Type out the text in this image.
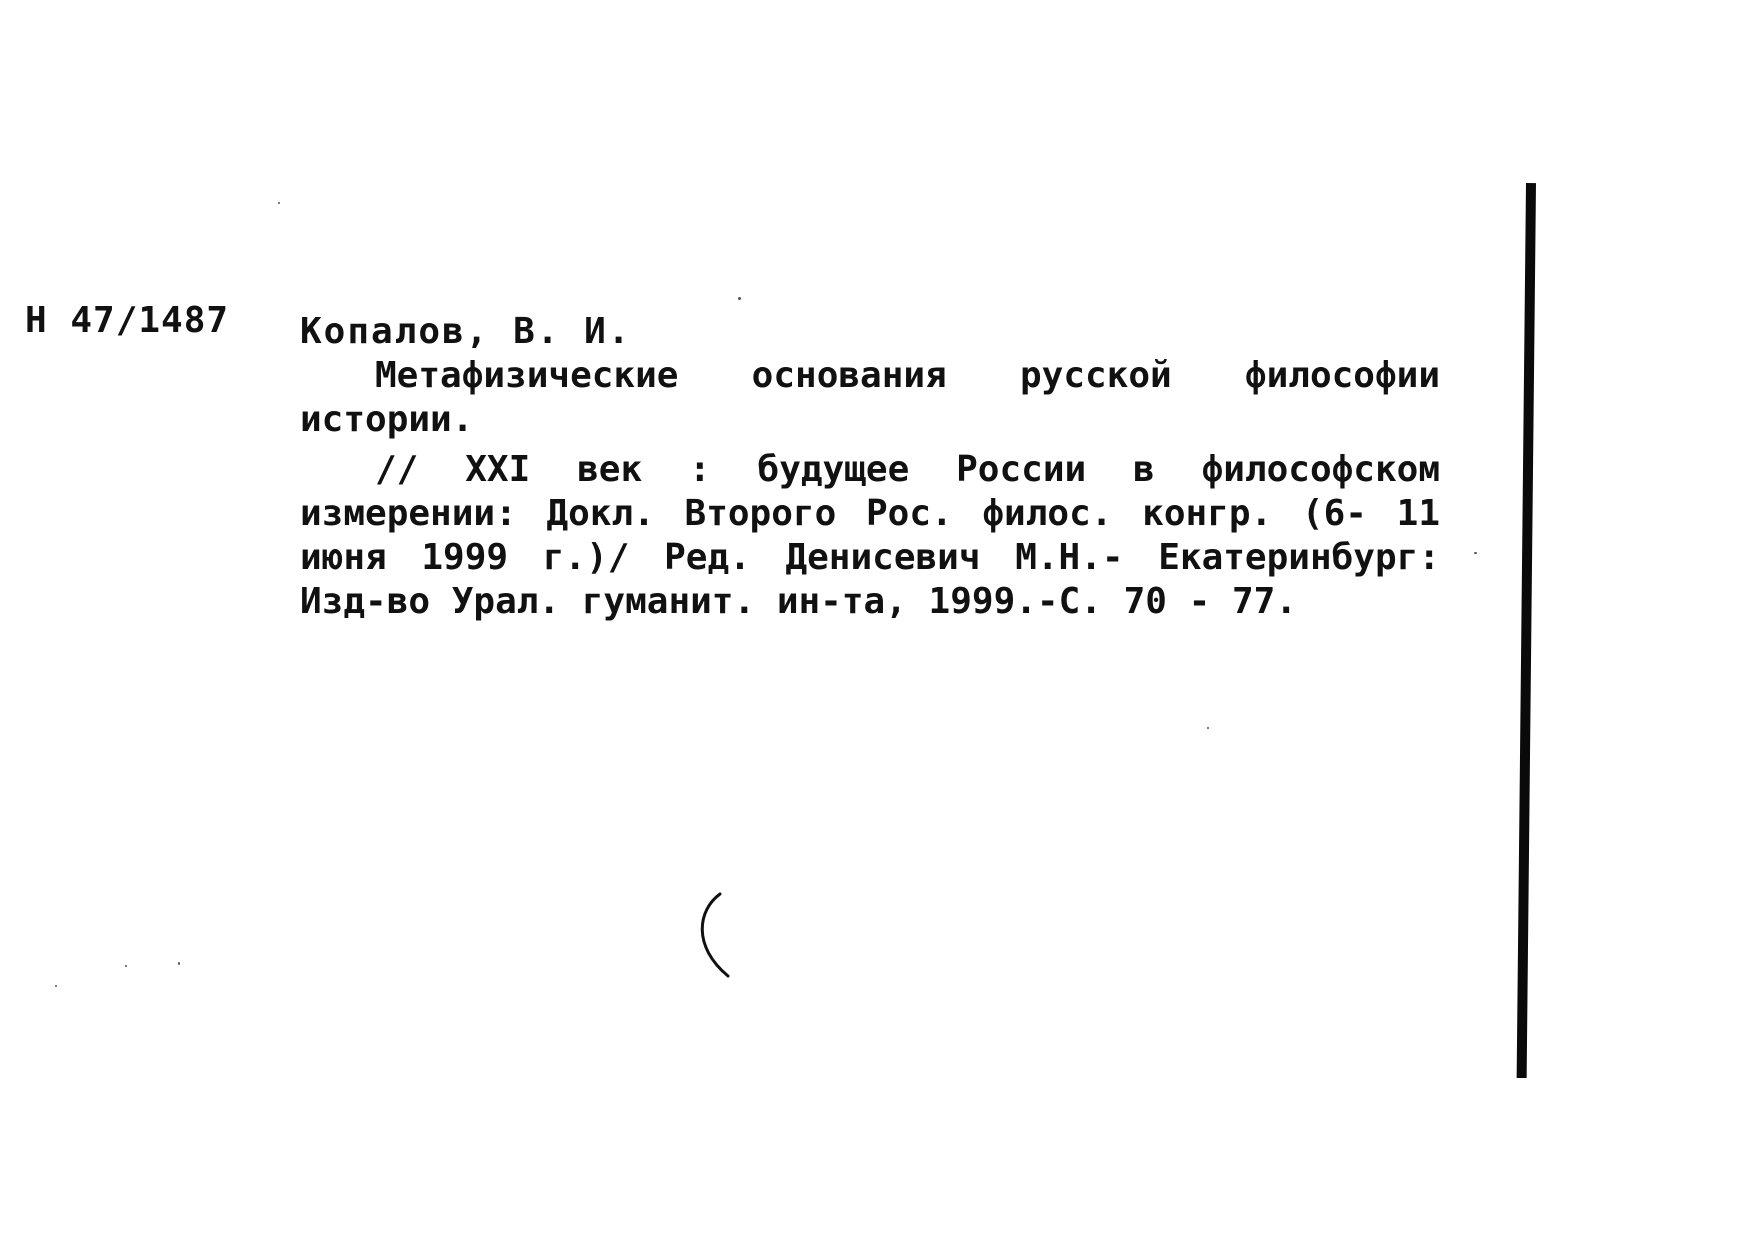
Н 47/1487 Копалов, В. И.

Метафизические основания русской философии истории.

// XXI век : будущее России в философском измерении: Докл. Второго Рос. филос. конгр. (6- 11 июня 1999 г.)/ Ред. Денисевич М.Н.- Екатеринбург: Изд-во Урал. гуманит. ин-та, 1999.-С. 70 - 77.
